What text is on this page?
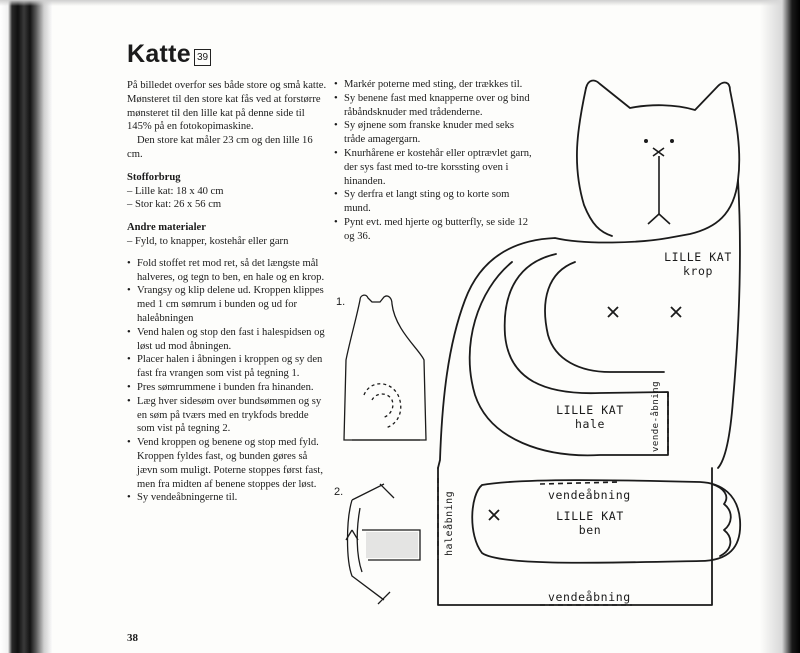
Katte 39

På billedet overfor ses både store og små katte. Mønsteret til den store kat fås ved at forstørre mønsteret til den lille kat på denne side til 145% på en fotokopimaskine.

Den store kat måler 23 cm og den lille 16 cm.

Stofforbrug

– Lille kat: 18 x 40 cm

– Stor kat: 26 x 56 cm

Andre materialer

– Fyld, to knapper, kostehår eller garn

• Fold stoffet ret mod ret, så det længste mål halveres, og tegn to ben, en hale og en krop.
• Vrangsy og klip delene ud. Kroppen klippes med 1 cm sømrum i bunden og ud for haleåbningen
• Vend halen og stop den fast i halespidsen og løst ud mod åbningen.
• Placer halen i åbningen i kroppen og sy den fast fra vrangen som vist på tegning 1.
• Pres sømrummene i bunden fra hinanden.
• Læg hver sidesøm over bundsømmen og sy en søm på tværs med en trykfods bredde som vist på tegning 2.
• Vend kroppen og benene og stop med fyld. Kroppen fyldes fast, og bunden gøres så jævn som muligt. Poterne stoppes først fast, men fra midten af benene stoppes der løst.
• Sy vendeåbningerne til.
• Markér poterne med sting, der trækkes til.
• Sy benene fast med knapperne over og bind råbåndsknuder med trådenderne.
• Sy øjnene som franske knuder med seks tråde amagergarn.
• Knurhårene er kostehår eller optrævlet garn, der sys fast med to-tre korssting oven i hinanden.
• Sy derfra et langt sting og to korte som mund.
• Pynt evt. med hjerte og butterfly, se side 12 og 36.
38
1.
2.
LILLE KAT
krop
LILLE KAT
hale
LILLE KAT
ben
vendeåbning
vendeåbning
haleåbning
vende-åbning
